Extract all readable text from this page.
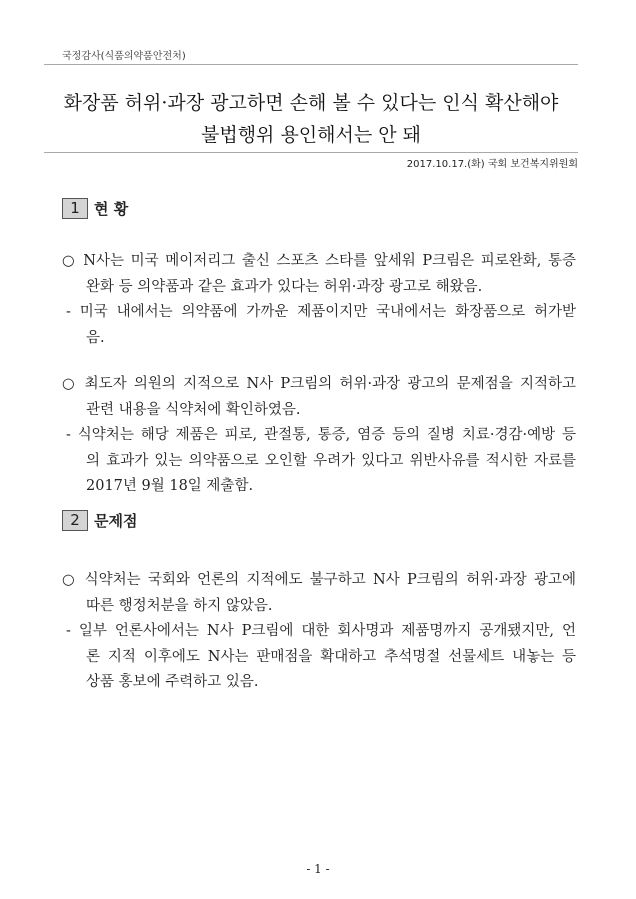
국정감사(식품의약품안전처)
화장품 허위·과장 광고하면 손해 볼 수 있다는 인식 확산해야
불법행위 용인해서는 안 돼
2017.10.17.(화) 국회 보건복지위원회
1 현 황
○ N사는 미국 메이저리그 출신 스포츠 스타를 앞세워 P크림은 피로완화, 통증
완화 등 의약품과 같은 효과가 있다는 허위·과장 광고로 해왔음.
- 미국 내에서는 의약품에 가까운 제품이지만 국내에서는 화장품으로 허가받
음.
○ 최도자 의원의 지적으로 N사 P크림의 허위·과장 광고의 문제점을 지적하고
관련 내용을 식약처에 확인하였음.
- 식약처는 해당 제품은 피로, 관절통, 통증, 염증 등의 질병 치료·경감·예방 등
의 효과가 있는 의약품으로 오인할 우려가 있다고 위반사유를 적시한 자료를
2017년 9월 18일 제출함.
2 문제점
○ 식약처는 국회와 언론의 지적에도 불구하고 N사 P크림의 허위·과장 광고에
따른 행정처분을 하지 않았음.
- 일부 언론사에서는 N사 P크림에 대한 회사명과 제품명까지 공개됐지만, 언
론 지적 이후에도 N사는 판매점을 확대하고 추석명절 선물세트 내놓는 등
상품 홍보에 주력하고 있음.
- 1 -
